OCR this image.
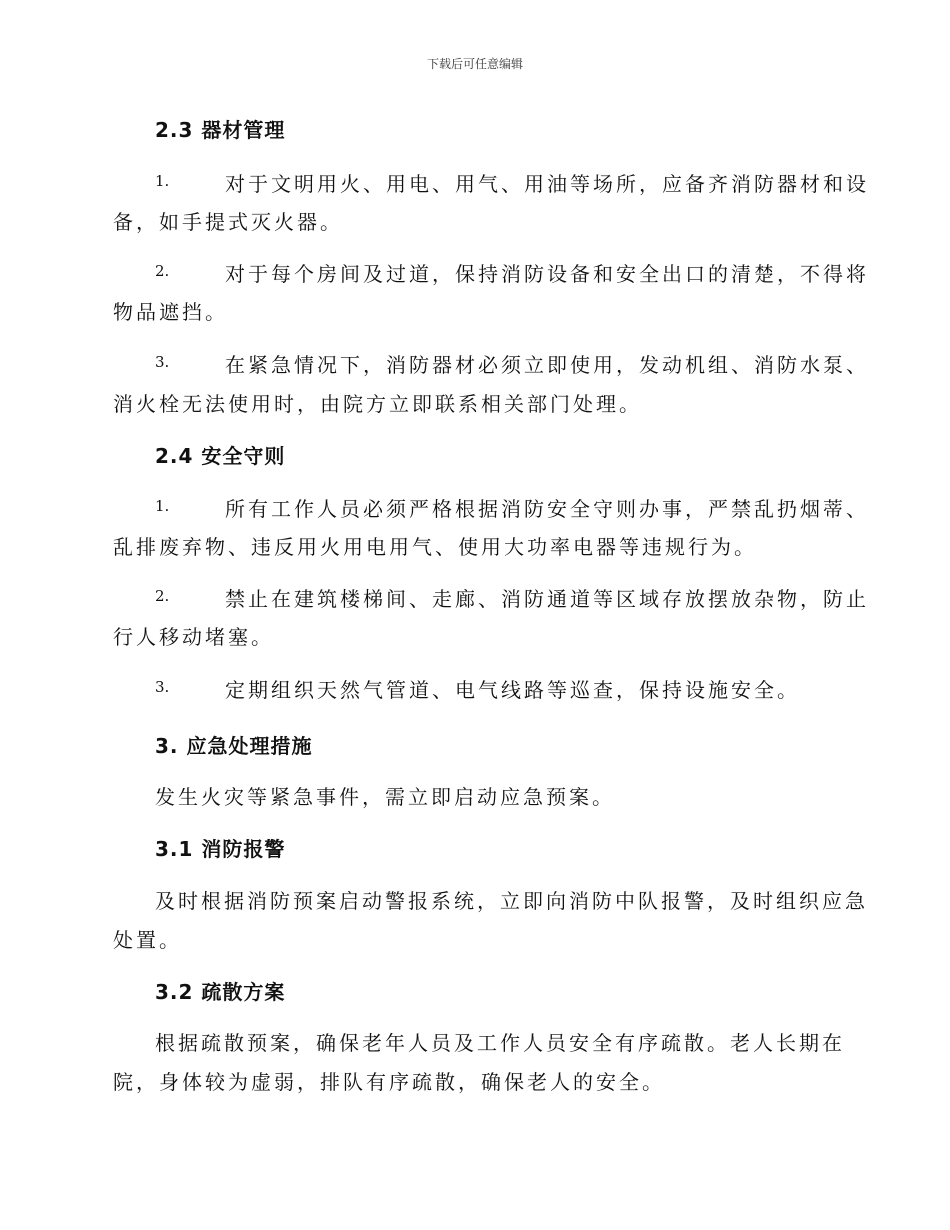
下载后可任意编辑
2.3 器材管理
1.	对于文明用火、用电、用气、用油等场所，应备齐消防器材和设
备，如手提式灭火器。
2.	对于每个房间及过道，保持消防设备和安全出口的清楚，不得将
物品遮挡。
3.	在紧急情况下，消防器材必须立即使用，发动机组、消防水泵、
消火栓无法使用时，由院方立即联系相关部门处理。
2.4 安全守则
1.	所有工作人员必须严格根据消防安全守则办事，严禁乱扔烟蒂、
乱排废弃物、违反用火用电用气、使用大功率电器等违规行为。
2.	禁止在建筑楼梯间、走廊、消防通道等区域存放摆放杂物，防止
行人移动堵塞。
3.	定期组织天然气管道、电气线路等巡查，保持设施安全。
3. 应急处理措施
发生火灾等紧急事件，需立即启动应急预案。
3.1 消防报警
及时根据消防预案启动警报系统，立即向消防中队报警，及时组织应急
处置。
3.2 疏散方案
根据疏散预案，确保老年人员及工作人员安全有序疏散。老人长期在
院，身体较为虚弱，排队有序疏散，确保老人的安全。
